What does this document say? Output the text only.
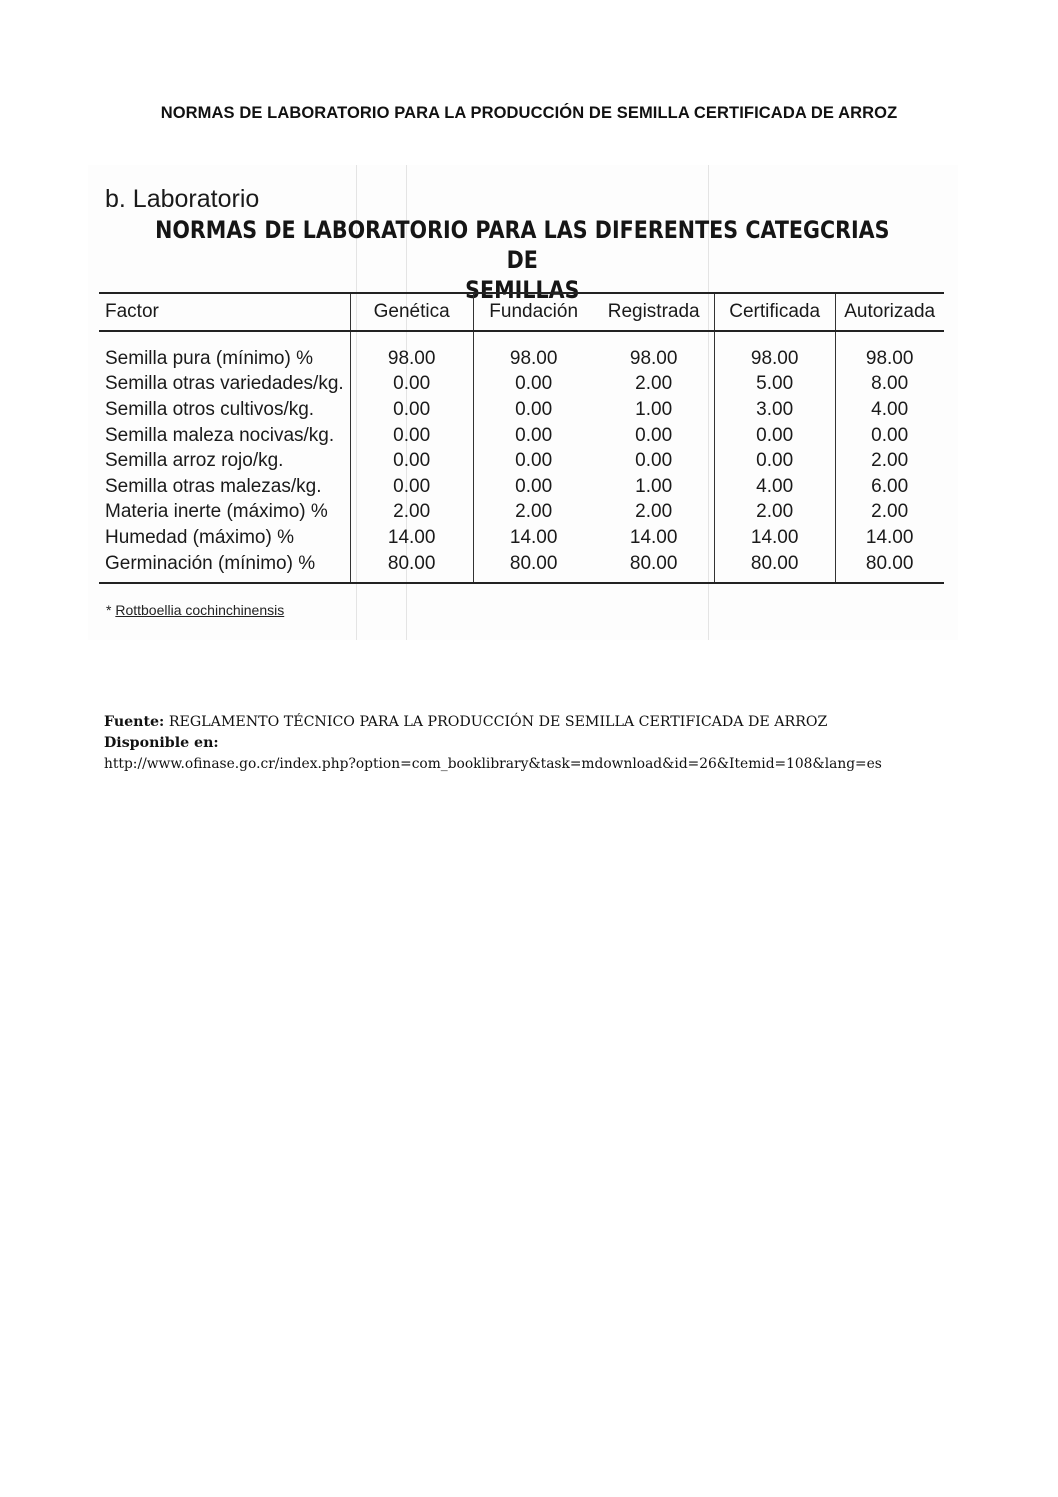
NORMAS DE LABORATORIO PARA LA PRODUCCIÓN DE SEMILLA CERTIFICADA DE ARROZ
b. Laboratorio
NORMAS DE LABORATORIO PARA LAS DIFERENTES CATEGCRIAS DE
SEMILLAS
Factor	Genética	Fundación	Registrada	Certificada	Autorizada
Semilla pura (mínimo) %	98.00	98.00	98.00	98.00	98.00
Semilla otras variedades/kg.	0.00	0.00	2.00	5.00	8.00
Semilla otros cultivos/kg.	0.00	0.00	1.00	3.00	4.00
Semilla maleza nocivas/kg.	0.00	0.00	0.00	0.00	0.00
Semilla arroz rojo/kg.	0.00	0.00	0.00	0.00	2.00
Semilla otras malezas/kg.	0.00	0.00	1.00	4.00	6.00
Materia inerte (máximo) %	2.00	2.00	2.00	2.00	2.00
Humedad (máximo) %	14.00	14.00	14.00	14.00	14.00
Germinación (mínimo) %	80.00	80.00	80.00	80.00	80.00
* Rottboellia cochinchinensis
Fuente: REGLAMENTO TÉCNICO PARA LA PRODUCCIÓN DE SEMILLA CERTIFICADA DE ARROZ
Disponible en:
http://www.ofinase.go.cr/index.php?option=com_booklibrary&task=mdownload&id=26&Itemid=108&lang=es
